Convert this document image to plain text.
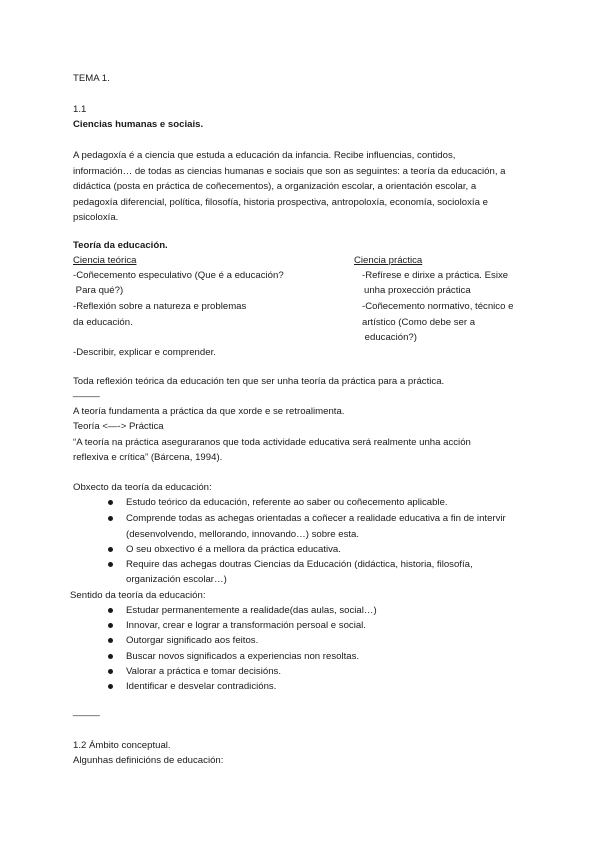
TEMA 1.
1.1
Ciencias humanas e sociais.
A pedagoxía é a ciencia que estuda a educación da infancia. Recibe influencias, contidos,
información… de todas as ciencias humanas e sociais que son as seguintes: a teoría da educación, a
didáctica (posta en práctica de coñecementos), a organización escolar, a orientación escolar, a
pedagoxía diferencial, política, filosofía, historia prospectiva, antropoloxía, economía, socioloxía e
psicoloxía.
Teoría da educación.
Ciencia teórica
-Coñecemento especulativo (Que é a educación?
Para qué?)
-Reflexión sobre a natureza e problemas
da educación.
Ciencia práctica
-Refírese e dirixe a práctica. Esixe
unha proxección práctica
-Coñecemento normativo, técnico e
artístico (Como debe ser a
educación?)
-Describir, explicar e comprender.
Toda reflexión teórica da educación ten que ser unha teoría da práctica para a práctica.
_____
A teoría fundamenta a práctica da que xorde e se retroalimenta.
Teoría <—-> Práctica
“A teoría na práctica aseguraranos que toda actividade educativa será realmente unha acción
reflexiva e crítica” (Bárcena, 1994).
Obxecto da teoría da educación:
Estudo teórico da educación, referente ao saber ou coñecemento aplicable.
Comprende todas as achegas orientadas a coñecer a realidade educativa a fin de intervir
(desenvolvendo, mellorando, innovando…) sobre esta.
O seu obxectivo é a mellora da práctica educativa.
Require das achegas doutras Ciencias da Educación (didáctica, historia, filosofía,
organización escolar…)
Sentido da teoría da educación:
Estudar permanentemente a realidade(das aulas, social…)
Innovar, crear e lograr a transformación persoal e social.
Outorgar significado aos feitos.
Buscar novos significados a experiencias non resoltas.
Valorar a práctica e tomar decisións.
Identificar e desvelar contradicións.
_____
1.2 Ámbito conceptual.
Algunhas definicións de educación:
